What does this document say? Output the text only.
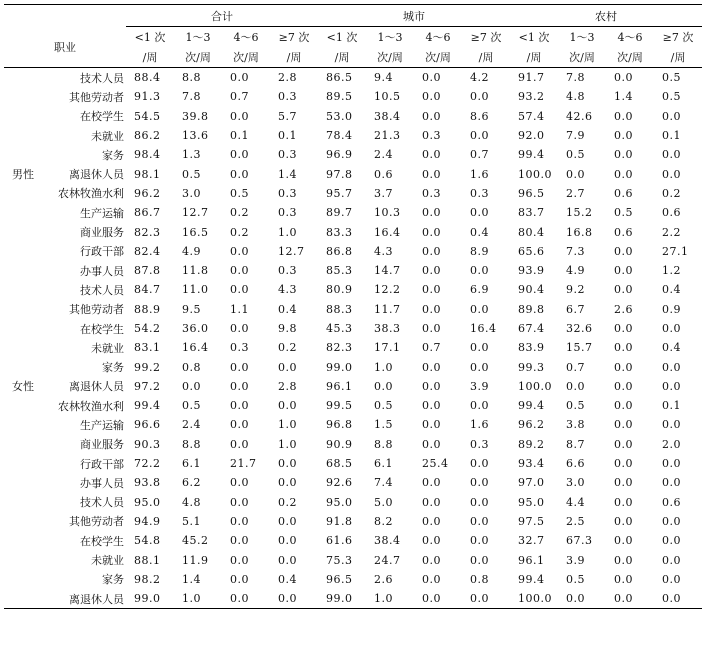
		合计				城市				农村			
职业		<1 次	1～3	4～6	≥7 次	<1 次	1～3	4～6	≥7 次	<1 次	1～3	4～6	≥7 次
		/周	次/周	次/周	/周	/周	次/周	次/周	/周	/周	次/周	次/周	/周
男性	技术人员	88.4	8.8	0.0	2.8	86.5	9.4	0.0	4.2	91.7	7.8	0.0	0.5
	其他劳动者	91.3	7.8	0.7	0.3	89.5	10.5	0.0	0.0	93.2	4.8	1.4	0.5
	在校学生	54.5	39.8	0.0	5.7	53.0	38.4	0.0	8.6	57.4	42.6	0.0	0.0
	未就业	86.2	13.6	0.1	0.1	78.4	21.3	0.3	0.0	92.0	7.9	0.0	0.1
	家务	98.4	1.3	0.0	0.3	96.9	2.4	0.0	0.7	99.4	0.5	0.0	0.0
	离退休人员	98.1	0.5	0.0	1.4	97.8	0.6	0.0	1.6	100.0	0.0	0.0	0.0
	农林牧渔水利	96.2	3.0	0.5	0.3	95.7	3.7	0.3	0.3	96.5	2.7	0.6	0.2
	生产运输	86.7	12.7	0.2	0.3	89.7	10.3	0.0	0.0	83.7	15.2	0.5	0.6
	商业服务	82.3	16.5	0.2	1.0	83.3	16.4	0.0	0.4	80.4	16.8	0.6	2.2
	行政干部	82.4	4.9	0.0	12.7	86.8	4.3	0.0	8.9	65.6	7.3	0.0	27.1
	办事人员	87.8	11.8	0.0	0.3	85.3	14.7	0.0	0.0	93.9	4.9	0.0	1.2
女性	技术人员	84.7	11.0	0.0	4.3	80.9	12.2	0.0	6.9	90.4	9.2	0.0	0.4
	其他劳动者	88.9	9.5	1.1	0.4	88.3	11.7	0.0	0.0	89.8	6.7	2.6	0.9
	在校学生	54.2	36.0	0.0	9.8	45.3	38.3	0.0	16.4	67.4	32.6	0.0	0.0
	未就业	83.1	16.4	0.3	0.2	82.3	17.1	0.7	0.0	83.9	15.7	0.0	0.4
	家务	99.2	0.8	0.0	0.0	99.0	1.0	0.0	0.0	99.3	0.7	0.0	0.0
	离退休人员	97.2	0.0	0.0	2.8	96.1	0.0	0.0	3.9	100.0	0.0	0.0	0.0
	农林牧渔水利	99.4	0.5	0.0	0.0	99.5	0.5	0.0	0.0	99.4	0.5	0.0	0.1
	生产运输	96.6	2.4	0.0	1.0	96.8	1.5	0.0	1.6	96.2	3.8	0.0	0.0
	商业服务	90.3	8.8	0.0	1.0	90.9	8.8	0.0	0.3	89.2	8.7	0.0	2.0
	行政干部	72.2	6.1	21.7	0.0	68.5	6.1	25.4	0.0	93.4	6.6	0.0	0.0
	办事人员	93.8	6.2	0.0	0.0	92.6	7.4	0.0	0.0	97.0	3.0	0.0	0.0
	技术人员	95.0	4.8	0.0	0.2	95.0	5.0	0.0	0.0	95.0	4.4	0.0	0.6
	其他劳动者	94.9	5.1	0.0	0.0	91.8	8.2	0.0	0.0	97.5	2.5	0.0	0.0
	在校学生	54.8	45.2	0.0	0.0	61.6	38.4	0.0	0.0	32.7	67.3	0.0	0.0
	未就业	88.1	11.9	0.0	0.0	75.3	24.7	0.0	0.0	96.1	3.9	0.0	0.0
	家务	98.2	1.4	0.0	0.4	96.5	2.6	0.0	0.8	99.4	0.5	0.0	0.0
	离退休人员	99.0	1.0	0.0	0.0	99.0	1.0	0.0	0.0	100.0	0.0	0.0	0.0
